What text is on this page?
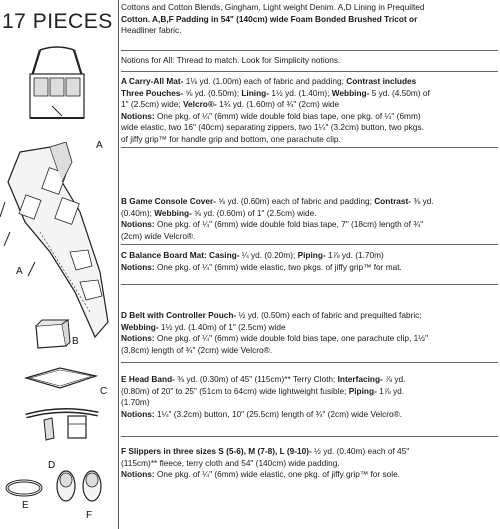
17 PIECES
A
A
B
C
D
E
F
Cottons and Cotton Blends, Gingham, Light weight Denim. A,D Lining in Prequilted
Cotton. A,B,F Padding in 54" (140cm) wide Foam Bonded Brushed Tricot or
Headliner fabric.
Notions for All: Thread to match. Look for Simplicity notions.
A Carry-All Mat- 1⅛ yd. (1.00m) each of fabric and padding; Contrast includes
Three Pouches- ⅝ yd. (0.50m); Lining- 1½ yd. (1.40m); Webbing- 5 yd. (4.50m) of
1" (2.5cm) wide; Velcro®- 1¾ yd. (1.60m) of ¾" (2cm) wide
Notions: One pkg. of ¼" (6mm) wide double fold bias tape, one pkg. of ¼" (6mm)
wide elastic, two 16" (40cm) separating zippers, two 1¼" (3.2cm) button, two pkgs.
of jiffy grip™ for handle grip and bottom, one parachute clip.
B Game Console Cover- ⅝ yd. (0.60m) each of fabric and padding; Contrast- ⅜ yd.
(0.40m); Webbing- ⅝ yd. (0.60m) of 1" (2.5cm) wide.
Notions: One pkg. of ¼" (6mm) wide double fold bias tape, 7" (18cm) length of ¾"
(2cm) wide Velcro®.
C Balance Board Mat: Casing- ¼ yd. (0.20m); Piping- 1⅞ yd. (1.70m)
Notions: One pkg. of ¼" (6mm) wide elastic, two pkgs. of jiffy grip™ for mat.
D Belt with Controller Pouch- ½ yd. (0.50m) each of fabric and prequilted fabric;
Webbing- 1½ yd. (1.40m) of 1" (2.5cm) wide
Notions: One pkg. of ¼" (6mm) wide double fold bias tape, one parachute clip, 1½"
(3.8cm) length of ¾" (2cm) wide Velcro®.
E Head Band- ⅜ yd. (0.30m) of 45" (115cm)** Terry Cloth; Interfacing- ⅞ yd.
(0.80m) of 20" to 25" (51cm to 64cm) wide lightweight fusible; Piping- 1⅞ yd.
(1.70m)
Notions: 1¼" (3.2cm) button, 10" (25.5cm) length of ¾" (2cm) wide Velcro®.
F Slippers in three sizes S (5-6), M (7-8), L (9-10)- ½ yd. (0.40m) each of 45"
(115cm)** fleece, terry cloth and 54" (140cm) wide padding.
Notions: One pkg. of ¼" (6mm) wide elastic, one pkg. of jiffy grip™ for sole.
